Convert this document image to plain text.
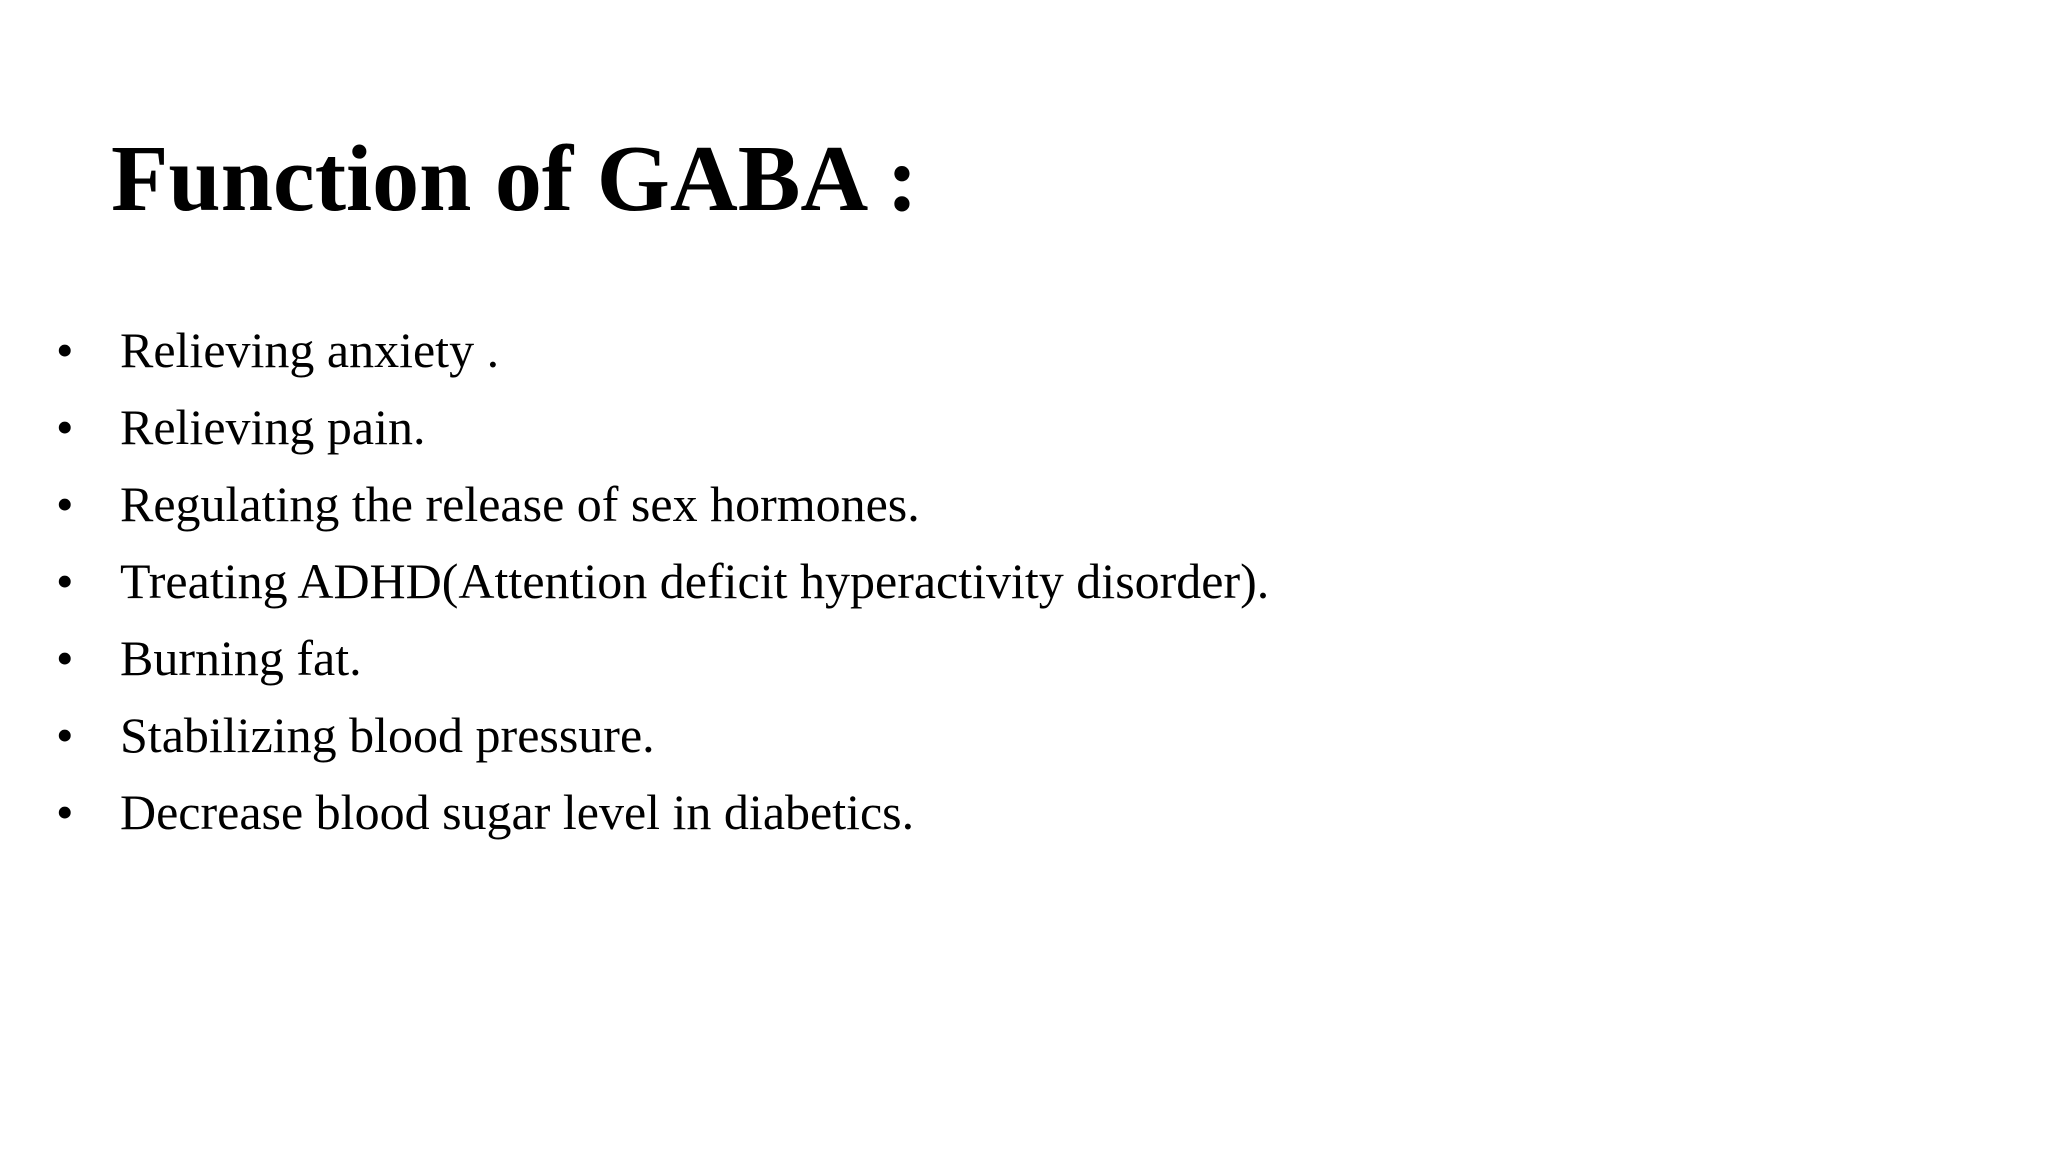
Function of GABA :
• Relieving anxiety .
• Relieving pain.
• Regulating the release of sex hormones.
• Treating ADHD(Attention deficit hyperactivity disorder).
• Burning fat.
• Stabilizing blood pressure.
• Decrease blood sugar level in diabetics.
